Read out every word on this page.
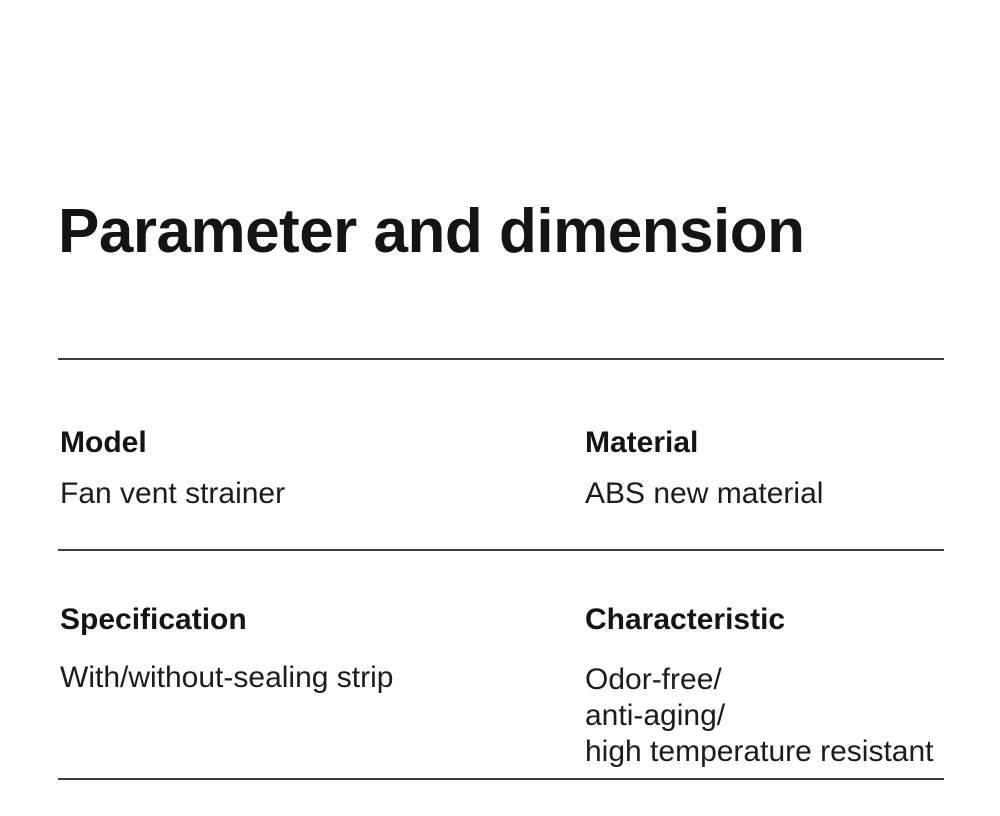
Parameter and dimension
Model
Fan vent strainer
Material
ABS new material
Specification
With/without-sealing strip
Characteristic
Odor-free/
anti-aging/
high temperature resistant
